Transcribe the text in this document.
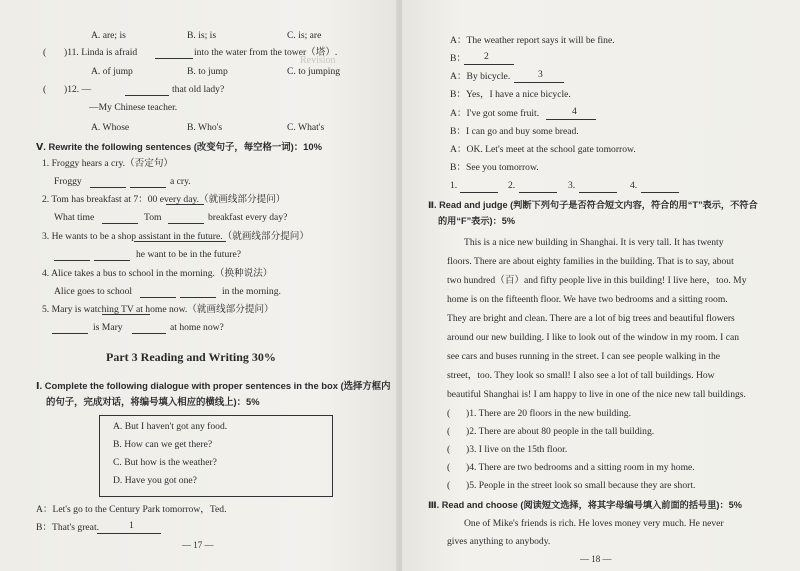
Revision
A. are; is	B. is; is	C. is; are
( )11. Linda is afraid	into the water from the tower（塔）.
A. of jump	B. to jump	C. to jumping
( )12. —	that old lady?
—My Chinese teacher.
A. Whose	B. Who's	C. What's
Ⅴ. Rewrite the following sentences (改变句子，每空格一词)：10%
1. Froggy hears a cry.（否定句）
Froggy	a cry.
2. Tom has breakfast at 7：00 every day.（就画线部分提问）
What time	Tom	breakfast every day?
3. He wants to be a shop assistant in the future.（就画线部分提问）
he want to be in the future?
4. Alice takes a bus to school in the morning.（换种说法）
Alice goes to school	in the morning.
5. Mary is watching TV at home now.（就画线部分提问）
is Mary	at home now?
Part 3 Reading and Writing 30%
Ⅰ. Complete the following dialogue with proper sentences in the box (选择方框内
的句子，完成对话，将编号填入相应的横线上)：5%
A. But I haven't got any food.
B. How can we get there?
C. But how is the weather?
D. Have you got one?
A：Let's go to the Century Park tomorrow，Ted.
B：That's great.	1
— 17 —
A：The weather report says it will be fine.
B： 2
A：By bicycle.	3
B：Yes，I have a nice bicycle.
A：I've got some fruit.	4
B：I can go and buy some bread.
A：OK. Let's meet at the school gate tomorrow.
B：See you tomorrow.
1.	2.	3.	4.
Ⅱ. Read and judge (判断下列句子是否符合短文内容，符合的用“T”表示，不符合
的用“F”表示)：5%
This is a nice new building in Shanghai. It is very tall. It has twenty
floors. There are about eighty families in the building. That is to say, about
two hundred（百）and fifty people live in this building! I live here，too. My
home is on the fifteenth floor. We have two bedrooms and a sitting room.
They are bright and clean. There are a lot of big trees and beautiful flowers
around our new building. I like to look out of the window in my room. I can
see cars and buses running in the street. I can see people walking in the
street，too. They look so small! I also see a lot of tall buildings. How
beautiful Shanghai is! I am happy to live in one of the nice new tall buildings.
( )1. There are 20 floors in the new building.
( )2. There are about 80 people in the tall building.
( )3. I live on the 15th floor.
( )4. There are two bedrooms and a sitting room in my home.
( )5. People in the street look so small because they are short.
Ⅲ. Read and choose (阅读短文选择，将其字母编号填入前面的括号里)：5%
One of Mike's friends is rich. He loves money very much. He never
gives anything to anybody.
— 18 —
